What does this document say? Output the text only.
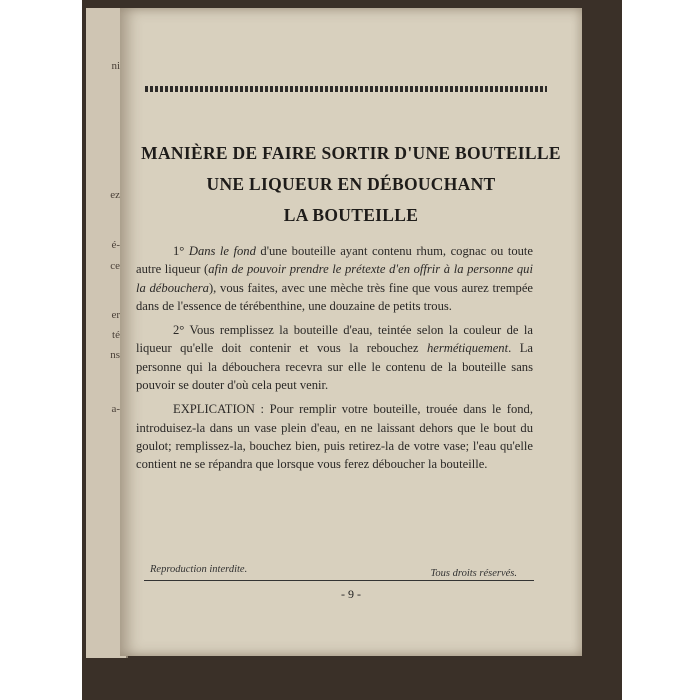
ni
ez
é-
ce
er
té
ns
a-
MANIÈRE DE FAIRE SORTIR D'UNE BOUTEILLE
UNE LIQUEUR EN DÉBOUCHANT
LA BOUTEILLE

1° Dans le fond d'une bouteille ayant contenu rhum, cognac ou toute autre liqueur (afin de pouvoir prendre le prétexte d'en offrir à la personne qui la débouchera), vous faites, avec une mèche très fine que vous aurez trempée dans de l'essence de térébenthine, une douzaine de petits trous.

2° Vous remplissez la bouteille d'eau, teintée selon la couleur de la liqueur qu'elle doit contenir et vous la rebouchez hermétiquement. La personne qui la débouchera recevra sur elle le contenu de la bouteille sans pouvoir se douter d'où cela peut venir.

EXPLICATION : Pour remplir votre bouteille, trouée dans le fond, introduisez-la dans un vase plein d'eau, en ne laissant dehors que le bout du goulot; remplissez-la, bouchez bien, puis retirez-la de votre vase; l'eau qu'elle contient ne se répandra que lorsque vous ferez déboucher la bouteille.

Reproduction interdite.	Tous droits réservés.
- 9 -
